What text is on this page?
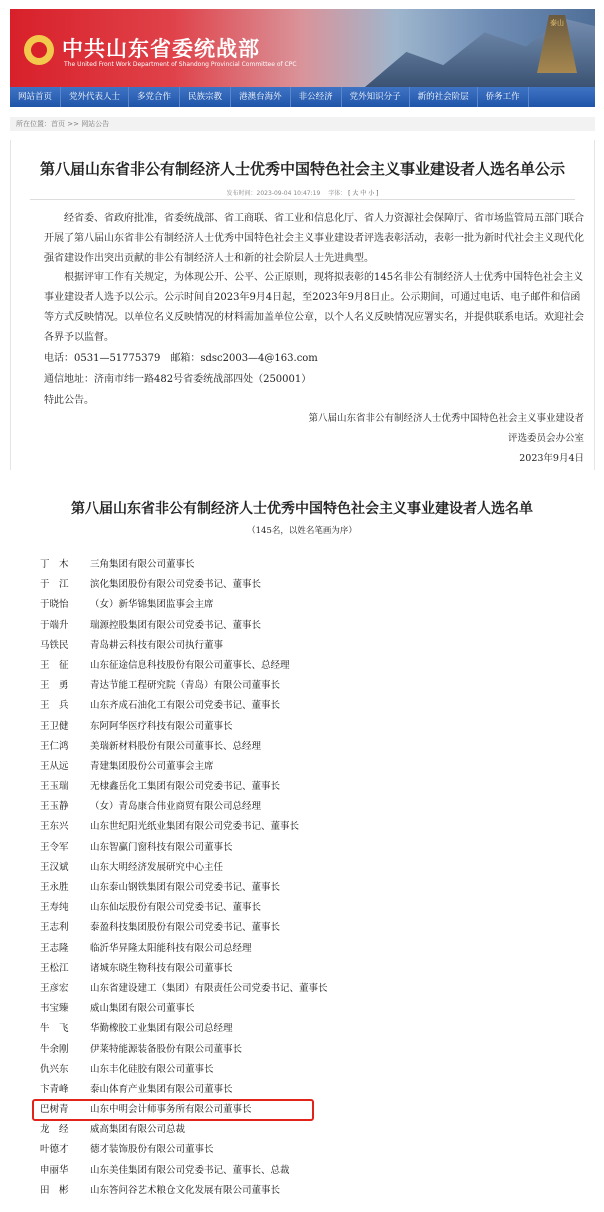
中共山东省委统战部
The United Front Work Department of Shandong Provincial Committee of CPC
泰山
网站首页	党外代表人士	多党合作	民族宗教	港澳台海外	非公经济	党外知识分子	新的社会阶层	侨务工作
所在位置：首页 >> 网站公告
第八届山东省非公有制经济人士优秀中国特色社会主义事业建设者人选名单公示
发布时间：2023-09-04 10:47:19 字体： [ 大 中 小 ]

经省委、省政府批准，省委统战部、省工商联、省工业和信息化厅、省人力资源社会保障厅、省市场监管局五部门联合开展了第八届山东省非公有制经济人士优秀中国特色社会主义事业建设者评选表彰活动，表彰一批为新时代社会主义现代化强省建设作出突出贡献的非公有制经济人士和新的社会阶层人士先进典型。

根据评审工作有关规定，为体现公开、公平、公正原则，现将拟表彰的145名非公有制经济人士优秀中国特色社会主义事业建设者人选予以公示。公示时间自2023年9月4日起，至2023年9月8日止。公示期间，可通过电话、电子邮件和信函等方式反映情况。以单位名义反映情况的材料需加盖单位公章，以个人名义反映情况应署实名，并提供联系电话。欢迎社会各界予以监督。

电话：0531—51775379　邮箱：sdsc2003—4@163.com
通信地址：济南市纬一路482号省委统战部四处（250001）
特此公告。
第八届山东省非公有制经济人士优秀中国特色社会主义事业建设者
评选委员会办公室
2023年9月4日
第八届山东省非公有制经济人士优秀中国特色社会主义事业建设者人选名单
（145名，以姓名笔画为序）
丁　木	三角集团有限公司董事长
于　江	滨化集团股份有限公司党委书记、董事长
于晓怡	（女）新华锦集团监事会主席
于端升	瑞源控股集团有限公司党委书记、董事长
马铁民	青岛耕云科技有限公司执行董事
王　征	山东征途信息科技股份有限公司董事长、总经理
王　勇	青达节能工程研究院（青岛）有限公司董事长
王　兵	山东齐成石油化工有限公司党委书记、董事长
王卫健	东阿阿华医疗科技有限公司董事长
王仁鸿	美瑞新材料股份有限公司董事长、总经理
王从远	青建集团股份公司董事会主席
王玉瑞	无棣鑫岳化工集团有限公司党委书记、董事长
王玉静	（女）青岛康合伟业商贸有限公司总经理
王东兴	山东世纪阳光纸业集团有限公司党委书记、董事长
王令军	山东智赢门窗科技有限公司董事长
王汉斌	山东大明经济发展研究中心主任
王永胜	山东泰山钢铁集团有限公司党委书记、董事长
王寿纯	山东仙坛股份有限公司党委书记、董事长
王志利	泰盈科技集团股份有限公司党委书记、董事长
王志隆	临沂华昇隆太阳能科技有限公司总经理
王松江	诸城东晓生物科技有限公司董事长
王彦宏	山东省建设建工（集团）有限责任公司党委书记、董事长
韦宝臻	威山集团有限公司董事长
牛　飞	华勤橡胶工业集团有限公司总经理
牛余刚	伊莱特能源装备股份有限公司董事长
仇兴东	山东丰化硅胶有限公司董事长
卞青峰	泰山体育产业集团有限公司董事长
巴树青	山东中明会计师事务所有限公司董事长
龙　经	威高集团有限公司总裁
叶德才	德才装饰股份有限公司董事长
申丽华	山东美佳集团有限公司党委书记、董事长、总裁
田　彬	山东答问谷艺术粮仓文化发展有限公司董事长
